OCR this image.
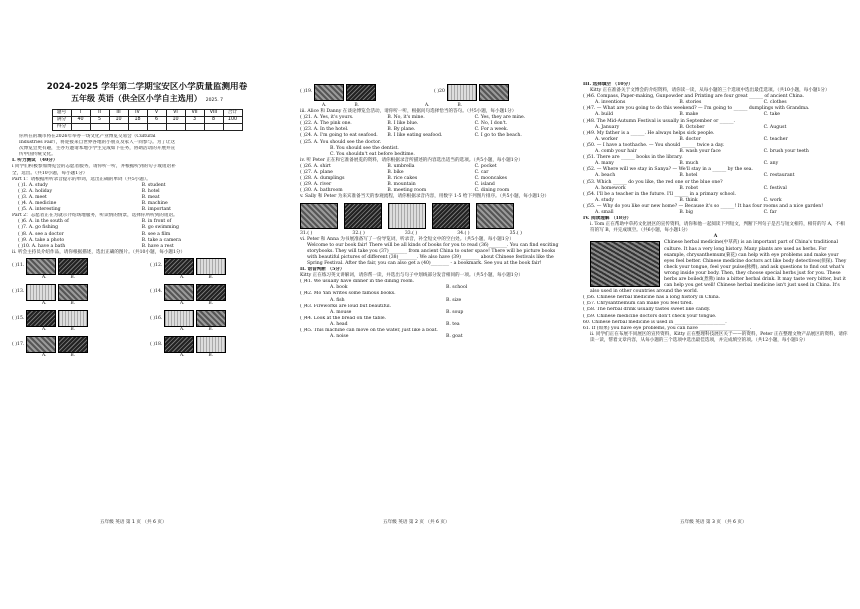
2024-2025 学年第二学期宝安区小学质量监测用卷
五年级 英语（供全区小学自主选用） 2025. 7
题号	I	II	III	IV	V	VI	VII	VIII	合计
满分	40	5	10	18	6	10	3	8	100
得分									
你所在的城市将在2026年举办一场文化产业博览交易会（Cultural
Industries Fair），将迎接来自世界各地的小朋友及家人一同参与。为了让这
次博览会更有趣，主办方邀请本地小学生完成如下任务，协助活动的开展并宣
传中国传统文化。
I. 听力测试 （40分）
i 同学们积极参加博览会的志愿者服务，请你听一听，并根据听到的句子或短语补
全，选出。（共10小题，每小题1分）
Part 1：请根据所听录音提示的单词，选出正确的单词（共5小题）。
( )1. A. study	B. student
( )2. A. holiday	B. hotel
( )3. A. meet	B. meat
( )4. A. medicine	B. machine
( )5. A. interesting	B. important
Part 2：志愿者正在为就示介绍场地服务，听读情的情景，选择你所听到的短语。
( )6. A. in the south of	B. in front of
( )7. A. go fishing	B. go swimming
( )8. A. see a doctor	B. see a film
( )9. A. take a photo	B. take a camera
( )10. A. have a bath	B. have a rest
ii. 听会主持员介绍作品，请你根据描述，选出正确的图片。（共10小题，每小题1分）
( )11.
A.	B.
( )12.
A.	B.
( )13.
A.	B.
( )14.
A.	B.
( )15.
A.	B.
( )16.
A.	B.
( )17.
A.	B.
( )18.
A.	B.
五年级 英语 第 1 页 （共 6 页）
( )19.	( )20
A.	B.	A.	B.
iii. Alice 和 Danny 在谈论博览会活动，请你听一听，根据问句选择恰当的答句。（共5小题，每小题1分）
( )21. A. Yes, it's yours.	B. No, it's mine.	C. Yes, they are mine.
( )22. A. The pink one.	B. I like blue.	C. No, I don't.
( )23. A. In the hotel.	B. By plane.	C. For a week.
( )24. A. I'm going to eat seafood.	B. I like eating seafood.	C. I go to the beach.
( )25. A. You should see the doctor.
B. You should see the dentist.
C. You shouldn't eat before bedtime.
iv. 听 Peter 正在和它准备展览的资料，请你根据录音所描述的内容选出适当的选项。（共5小题，每小题1分）
( )26. A. shirt	B. umbrella	C. pocket
( )27. A. plane	B. bike	C. car
( )28. A. dumplings	B. rice cakes	C. mooncakes
( )29. A. river	B. mountain	C. island
( )30. A. bathroom	B. meeting room	C. dining room
v. Sally 和 Peter 为来宾准备当天的参观流程，请你根据录音内容，用数字 1-5 给下列图片排序。（共5小题，每小题1分）
31.( )	32.( )	33.( )	34.( )	35.( )
vi. Peter 和 Anna 为书展准备写了一份导览词，听录音，补全短文中的空白处。（共5小题，每小题1分）
Welcome to our book fair! There will be all kinds of books for you to read (36)________. You can find exciting storybooks. They will take you (37)________ from ancient China to outer space! There will be picture books with beautiful pictures of different (38)________. We also have (39)________ about Chinese festivals like the Spring Festival. After the fair, you can also get a (40)________ - a bookmark. See you at the book fair!
II. 语音判断 （5分）
Kitty 正在练习英文讲解词，请你帮一读，并选出与句子中划线部分发音相同的一项。（共5小题，每小题1分）
( )41. We usually have dinner in the dining room.
A. book	B. school
( )42. Mo Yan writes some famous books.
A. fish	B. size
( )43. Fireworks are loud but beautiful.
A. mouse	B. soup
( )44. Look at the bread on the table.
A. head	B. tea
( )45. This machine can move on the water, just like a boat.
A. noise	B. goat
五年级 英语 第 2 页 （共 6 页）
III. 选择填空 （10分）
Kitty 正在准备关于文博会的介绍资料，请你读一读，从每小题的三个选项中选出最佳选项。（共10小题，每小题1分）
( )46. Compass, Paper-making, Gunpowder and Printing are four great ______ of ancient China.
A. inventions	B. stories	C. clothes
( )47. — What are you going to do this weekend? — I'm going to ______ dumplings with Grandma.
A. build	B. make	C. take
( )48. The Mid-Autumn Festival is usually in September or ______.
A. January	B. October	C. August
( )49. My father is a ______. He always helps sick people.
A. worker	B. doctor	C. teacher
( )50. — I have a toothache. — You should ______ twice a day.
A. comb your hair	B. wash your face	C. brush your teeth
( )51. There are ______ books in the library.
A. many	B. much	C. any
( )52. — Where will we stay in Sanya? — We'll stay in a ______ by the sea.
A. beach	B. hotel	C. restaurant
( )53. Which ______ do you like, the red one or the blue one?
A. homework	B. robot	C. festival
( )54. I'll be a teacher in the future. I'll ______ in a primary school.
A. study	B. think	C. work
( )55. — Why do you like our new home? — Because it's so ______! It has four rooms and a nice garden!
A. small	B. big	C. far
IV. 阅读理解 （18分）
i. Tom 正在帮助中草药文化展区的宣传资料，请你和他一起阅读下列短文，判断下列句子是否与短文相符，相符的写 A，不相符的写 B，并完成填空。（共6小题，每小题1分）
A
Chinese herbal medicine(中草药) is an important part of China's traditional culture. It has a very long history. Many plants are used as herbs. For example, chrysanthemum(菊花) can help with eye problems and make your eyes feel better. Chinese medicine doctors act like body detectives(侦探). They check your tongue, feel your pulse(脉搏), and ask questions to find out what's wrong inside your body. Then, they choose special herbs just for you. These herbs are boiled(煮沸) into a bitter herbal drink. It may taste very bitter, but it can help you get well! Chinese herbal medicine isn't just used in China. It's also used in other countries around the world.
( )56. Chinese herbal medicine has a long history in China.
( )57. Chrysanthemum can make you feel tired.
( )58. The herbal drink usually tastes sweet like candy.
( )59. Chinese medicine doctors don't check your tongue.
60. Chinese herbal medicine is used in ______________________.
61. If (如果) you have eye problems, you can have ______________________.
ii. 同学们正在布展不同展区的宣传资料，Kitty 正在整理科技展区关于——的资料，Peter 正在整理文物产品展区的资料，请你读一读，帮着文章内容，从每小题的三个选项中选出最佳选项，并完成填空的项。（共12小题，每小题1分）
五年级 英语 第 3 页 （共 6 页）
